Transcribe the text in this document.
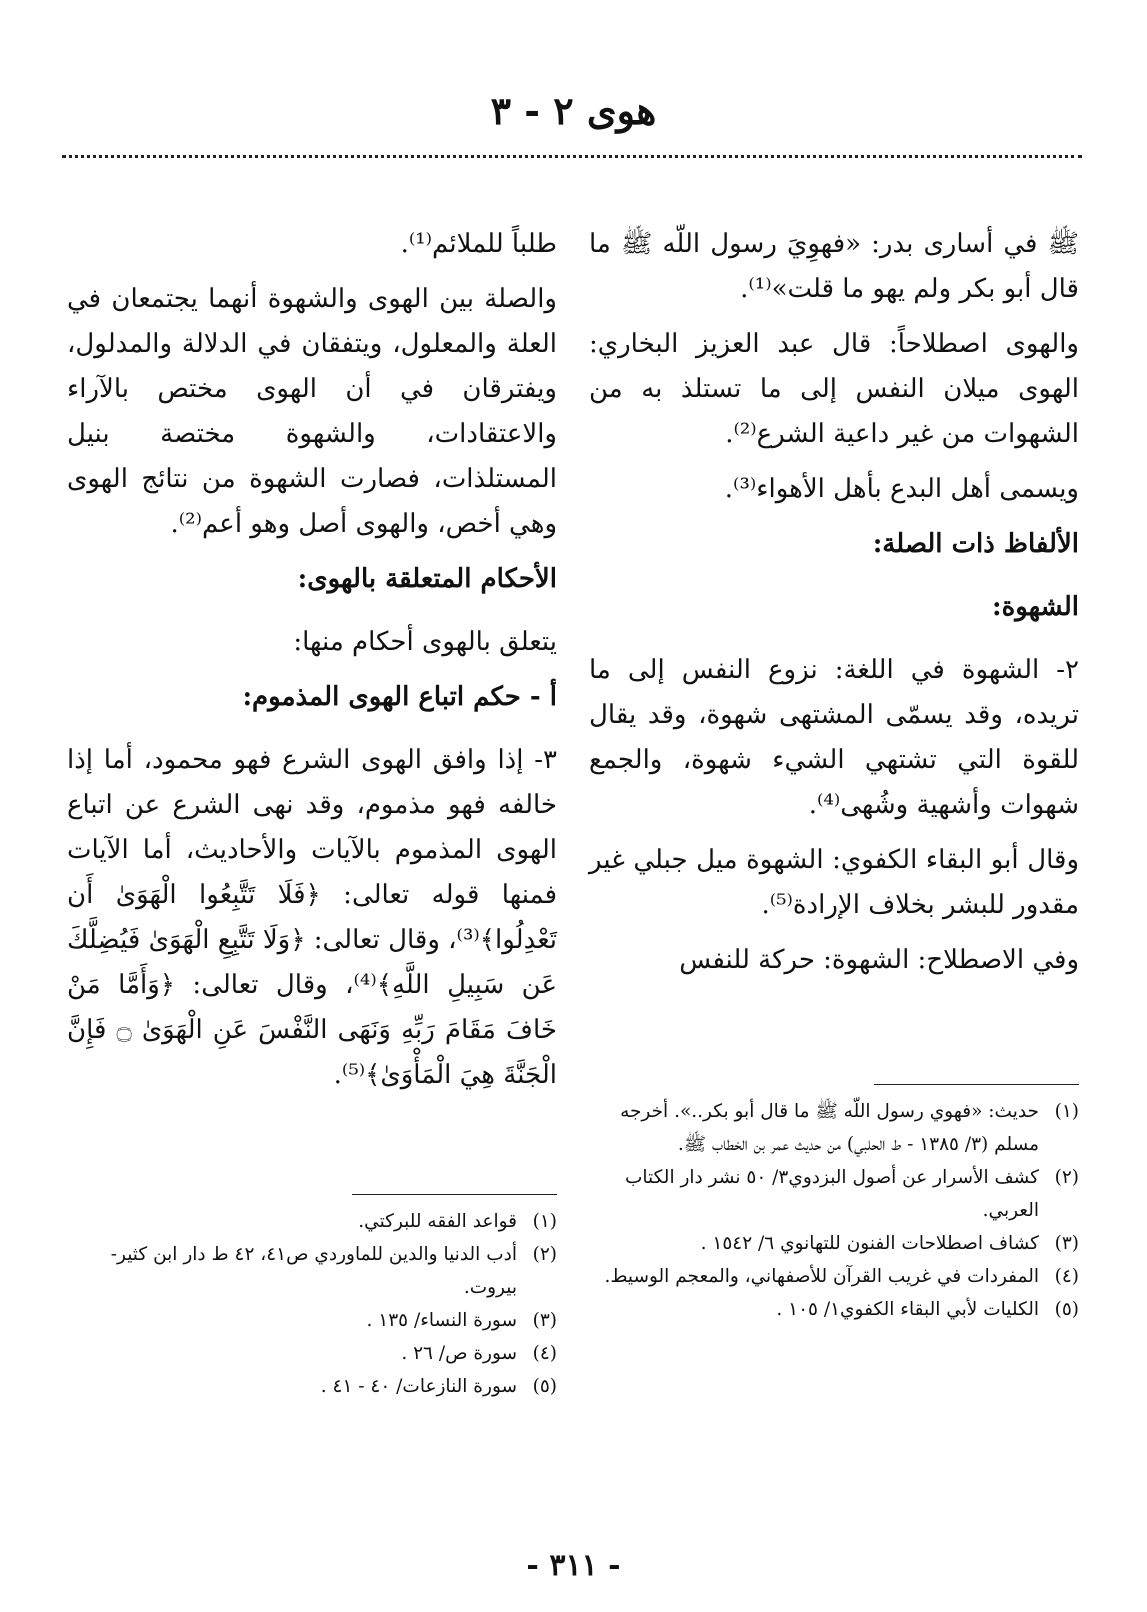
هوى ٢ - ٣

ﷺ في أسارى بدر: «فهوِيَ رسول اللّه ﷺ ما قال أبو بكر ولم يهو ما قلت»⁽¹⁾.

والهوى اصطلاحاً: قال عبد العزيز البخاري: الهوى ميلان النفس إلى ما تستلذ به من الشهوات من غير داعية الشرع⁽²⁾.

ويسمى أهل البدع بأهل الأهواء⁽³⁾.

الألفاظ ذات الصلة:

الشهوة:

٢- الشهوة في اللغة: نزوع النفس إلى ما تريده، وقد يسمّى المشتهى شهوة، وقد يقال للقوة التي تشتهي الشيء شهوة، والجمع شهوات وأشهية وشُهى⁽⁴⁾.

وقال أبو البقاء الكفوي: الشهوة ميل جبلي غير مقدور للبشر بخلاف الإرادة⁽⁵⁾.

وفي الاصطلاح: الشهوة: حركة للنفس

(١)
حديث: «فهوي رسول اللّه ﷺ ما قال أبو بكر..». أخرجه مسلم (٣/ ١٣٨٥ - ط الحلبي) من حديث عمر بن الخطاب ﷺ.
(٢)
كشف الأسرار عن أصول البزدوي٣/ ٥٠ نشر دار الكتاب العربي.
(٣)
كشاف اصطلاحات الفنون للتهانوي ٦/ ١٥٤٢ .
(٤)
المفردات في غريب القرآن للأصفهاني، والمعجم الوسيط.
(٥)
الكليات لأبي البقاء الكفوي١/ ١٠٥ .

طلباً للملائم⁽¹⁾.

والصلة بين الهوى والشهوة أنهما يجتمعان في العلة والمعلول، ويتفقان في الدلالة والمدلول، ويفترقان في أن الهوى مختص بالآراء والاعتقادات، والشهوة مختصة بنيل المستلذات، فصارت الشهوة من نتائج الهوى وهي أخص، والهوى أصل وهو أعم⁽²⁾.

الأحكام المتعلقة بالهوى:

يتعلق بالهوى أحكام منها:

أ - حكم اتباع الهوى المذموم:

٣- إذا وافق الهوى الشرع فهو محمود، أما إذا خالفه فهو مذموم، وقد نهى الشرع عن اتباع الهوى المذموم بالآيات والأحاديث، أما الآيات فمنها قوله تعالى: ﴿فَلَا تَتَّبِعُوا الْهَوَىٰ أَن تَعْدِلُوا﴾⁽³⁾، وقال تعالى: ﴿وَلَا تَتَّبِعِ الْهَوَىٰ فَيُضِلَّكَ عَن سَبِيلِ اللَّهِ﴾⁽⁴⁾، وقال تعالى: ﴿وَأَمَّا مَنْ خَافَ مَقَامَ رَبِّهِ وَنَهَى النَّفْسَ عَنِ الْهَوَىٰ ۝ فَإِنَّ الْجَنَّةَ هِيَ الْمَأْوَىٰ﴾⁽⁵⁾.

(١)
قواعد الفقه للبركتي.
(٢)
أدب الدنيا والدين للماوردي ص٤١، ٤٢ ط دار ابن كثير- بيروت.
(٣)
سورة النساء/ ١٣٥ .
(٤)
سورة ص/ ٢٦ .
(٥)
سورة النازعات/ ٤٠ - ٤١ .
- ٣١١ -
